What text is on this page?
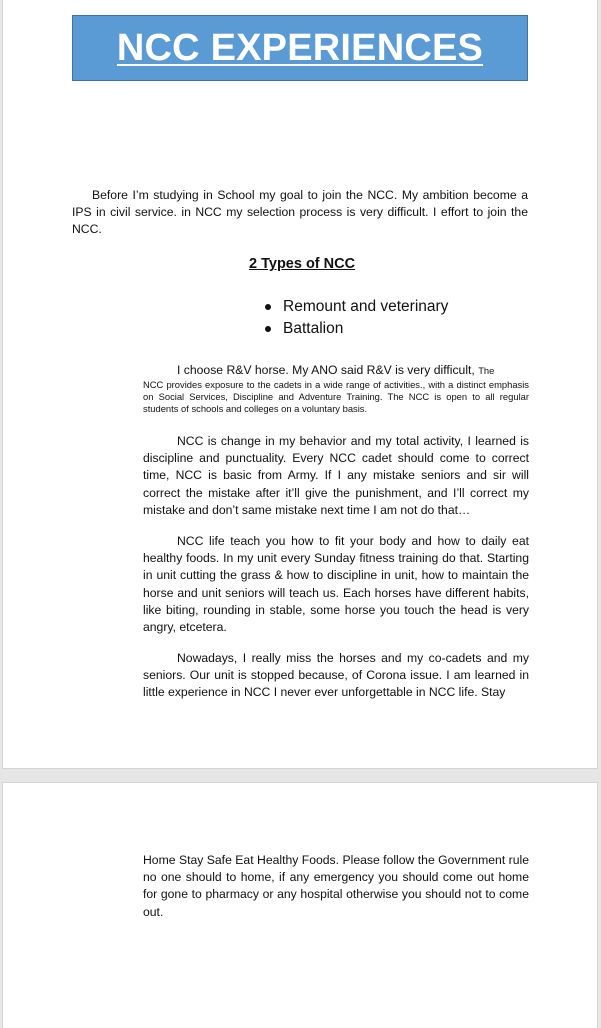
NCC EXPERIENCES

Before I’m studying in School my goal to join the NCC. My ambition become a IPS in civil service. in NCC my selection process is very difficult. I effort to join the NCC.

2 Types of NCC

Remount and veterinary
Battalion

I choose R&V horse. My ANO said R&V is very difficult, The
NCC provides exposure to the cadets in a wide range of activities., with a distinct emphasis on Social Services, Discipline and Adventure Training. The NCC is open to all regular students of schools and colleges on a voluntary basis.

NCC is change in my behavior and my total activity, I learned is discipline and punctuality. Every NCC cadet should come to correct time, NCC is basic from Army. If I any mistake seniors and sir will correct the mistake after it’ll give the punishment, and I’ll correct my mistake and don’t same mistake next time I am not do that…

NCC life teach you how to fit your body and how to daily eat healthy foods. In my unit every Sunday fitness training do that. Starting in unit cutting the grass & how to discipline in unit, how to maintain the horse and unit seniors will teach us. Each horses have different habits, like biting, rounding in stable, some horse you touch the head is very angry, etcetera.

Nowadays, I really miss the horses and my co-cadets and my seniors. Our unit is stopped because, of Corona issue. I am learned in little experience in NCC I never ever unforgettable in NCC life. Stay

Home Stay Safe Eat Healthy Foods. Please follow the Government rule no one should to home, if any emergency you should come out home for gone to pharmacy or any hospital otherwise you should not to come out.
